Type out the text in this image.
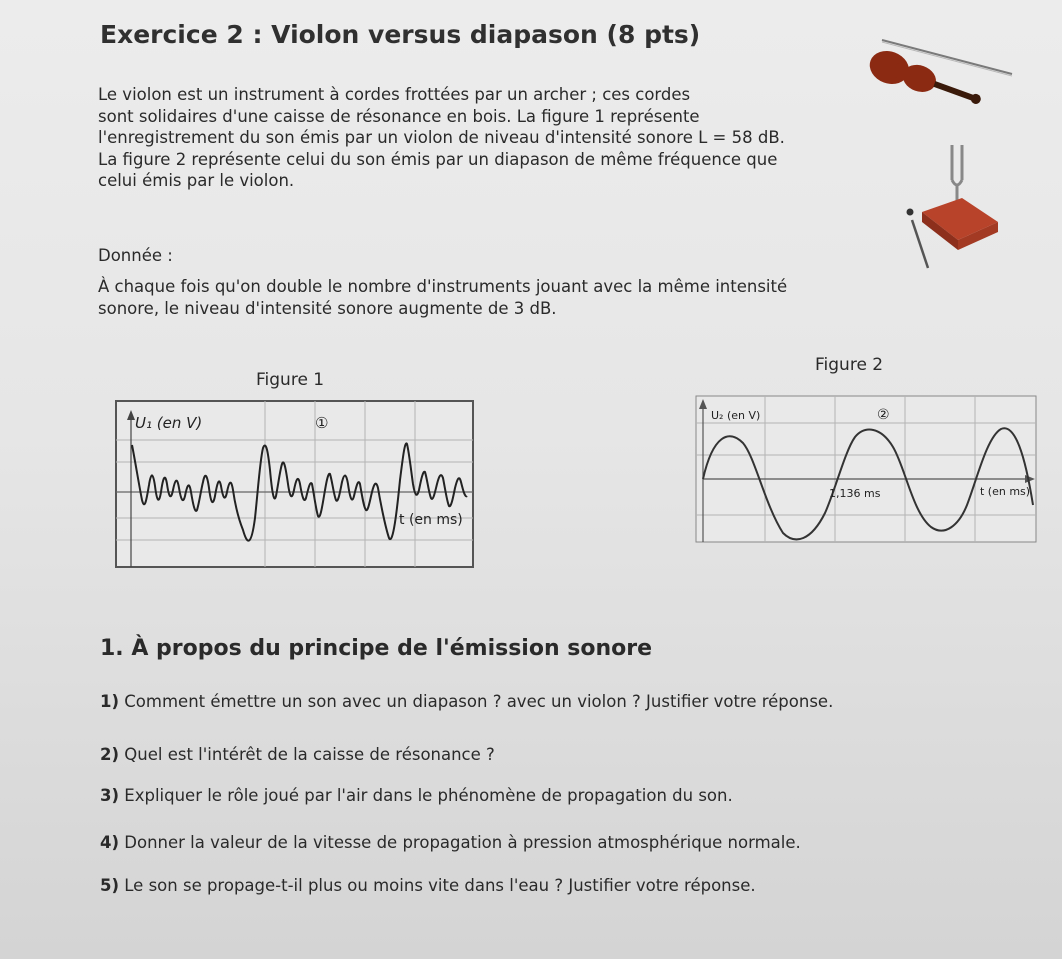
Exercice 2 : Violon versus diapason (8 pts)

Le violon est un instrument à cordes frottées par un archer ; ces cordes

sont solidaires d'une caisse de résonance en bois. La figure 1 représente

l'enregistrement du son émis par un violon de niveau d'intensité sonore L = 58 dB.

La figure 2 représente celui du son émis par un diapason de même fréquence que

celui émis par le violon.

Donnée :
À chaque fois qu'on double le nombre d'instruments jouant avec la même intensité
sonore, le niveau d'intensité sonore augmente de 3 dB.
Figure 1
Figure 2
U₁ (en V)	①
t (en ms)
U₂ (en V)	②
1,136 ms	t (en ms)
1. À propos du principe de l'émission sonore
1) Comment émettre un son avec un diapason ? avec un violon ? Justifier votre réponse.
2) Quel est l'intérêt de la caisse de résonance ?
3) Expliquer le rôle joué par l'air dans le phénomène de propagation du son.
4) Donner la valeur de la vitesse de propagation à pression atmosphérique normale.
5) Le son se propage-t-il plus ou moins vite dans l'eau ? Justifier votre réponse.
